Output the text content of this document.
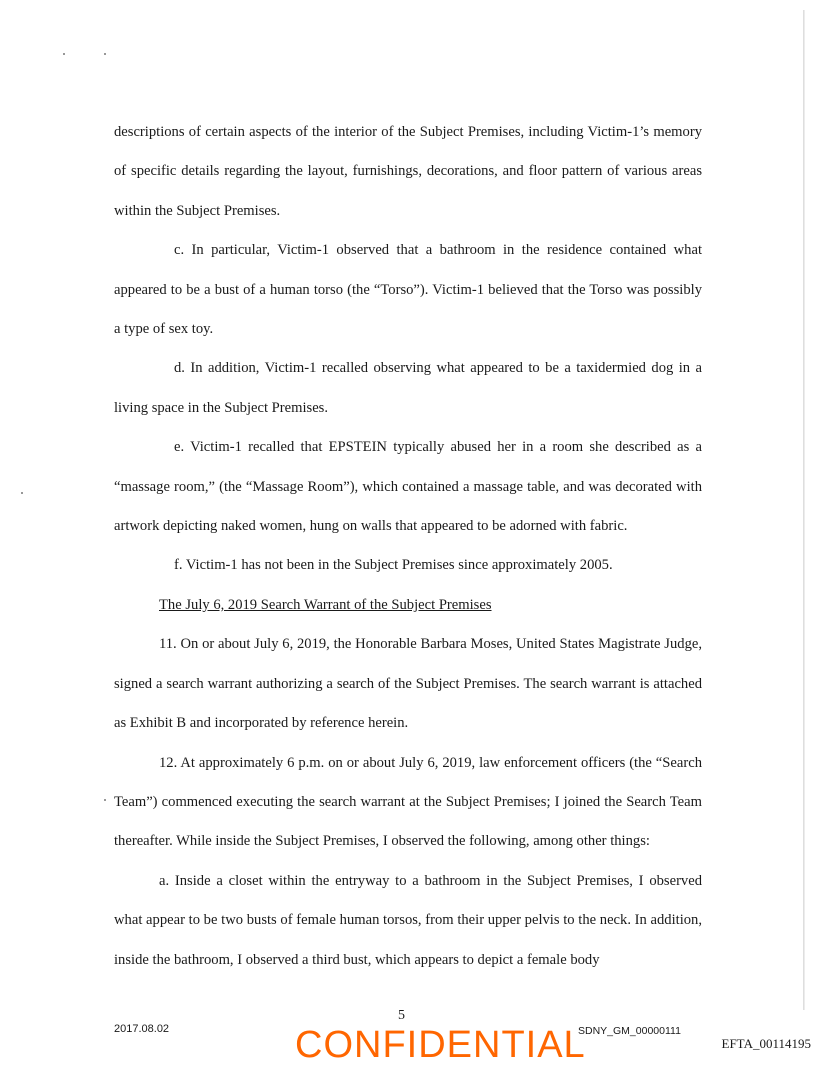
descriptions of certain aspects of the interior of the Subject Premises, including Victim-1’s memory of specific details regarding the layout, furnishings, decorations, and floor pattern of various areas within the Subject Premises.

c. In particular, Victim-1 observed that a bathroom in the residence contained what appeared to be a bust of a human torso (the “Torso”). Victim-1 believed that the Torso was possibly a type of sex toy.

d. In addition, Victim-1 recalled observing what appeared to be a taxidermied dog in a living space in the Subject Premises.

e. Victim-1 recalled that EPSTEIN typically abused her in a room she described as a “massage room,” (the “Massage Room”), which contained a massage table, and was decorated with artwork depicting naked women, hung on walls that appeared to be adorned with fabric.

f. Victim-1 has not been in the Subject Premises since approximately 2005.

The July 6, 2019 Search Warrant of the Subject Premises

11. On or about July 6, 2019, the Honorable Barbara Moses, United States Magistrate Judge, signed a search warrant authorizing a search of the Subject Premises. The search warrant is attached as Exhibit B and incorporated by reference herein.

12. At approximately 6 p.m. on or about July 6, 2019, law enforcement officers (the “Search Team”) commenced executing the search warrant at the Subject Premises; I joined the Search Team thereafter. While inside the Subject Premises, I observed the following, among other things:

a. Inside a closet within the entryway to a bathroom in the Subject Premises, I observed what appear to be two busts of female human torsos, from their upper pelvis to the neck. In addition, inside the bathroom, I observed a third bust, which appears to depict a female body

5
2017.08.02	CONFIDENTIAL
SDNY_GM_00000111
EFTA_00114195
